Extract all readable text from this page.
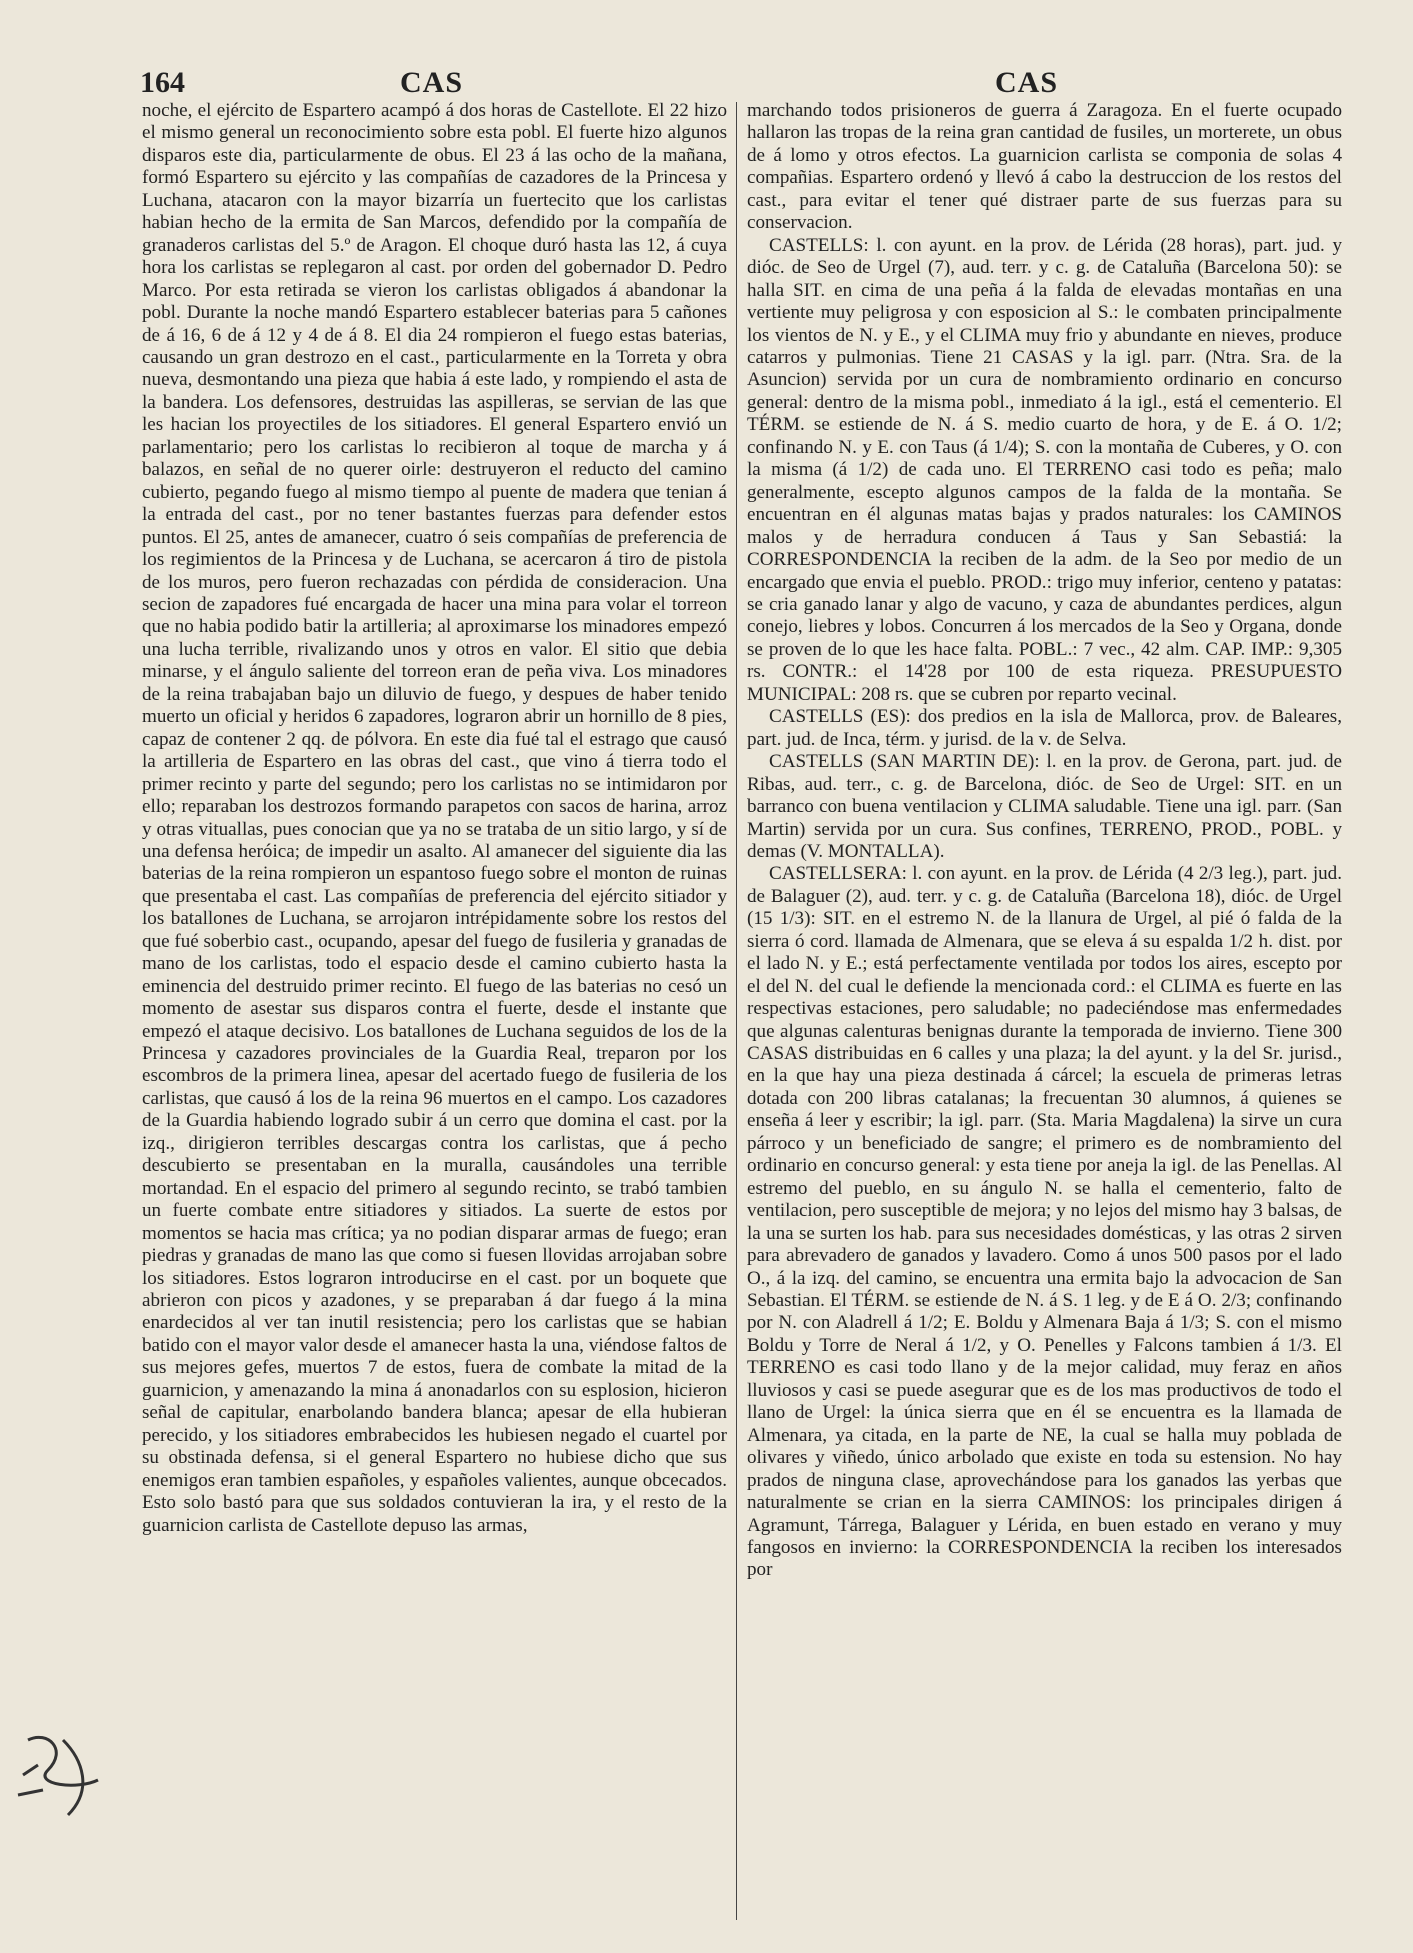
164	CAS	CAS

noche, el ejército de Espartero acampó á dos horas de Castellote. El 22 hizo el mismo general un reconocimiento sobre esta pobl. El fuerte hizo algunos disparos este dia, particularmente de obus. El 23 á las ocho de la mañana, formó Espartero su ejército y las compañías de cazadores de la Princesa y Luchana, atacaron con la mayor bizarría un fuertecito que los carlistas habian hecho de la ermita de San Marcos, defendido por la compañía de granaderos carlistas del 5.º de Aragon. El choque duró hasta las 12, á cuya hora los carlistas se replegaron al cast. por orden del gobernador D. Pedro Marco. Por esta retirada se vieron los carlistas obligados á abandonar la pobl. Durante la noche mandó Espartero establecer baterias para 5 cañones de á 16, 6 de á 12 y 4 de á 8. El dia 24 rompieron el fuego estas baterias, causando un gran destrozo en el cast., particularmente en la Torreta y obra nueva, desmontando una pieza que habia á este lado, y rompiendo el asta de la bandera. Los defensores, destruidas las aspilleras, se servian de las que les hacian los proyectiles de los sitiadores. El general Espartero envió un parlamentario; pero los carlistas lo recibieron al toque de marcha y á balazos, en señal de no querer oirle: destruyeron el reducto del camino cubierto, pegando fuego al mismo tiempo al puente de madera que tenian á la entrada del cast., por no tener bastantes fuerzas para defender estos puntos. El 25, antes de amanecer, cuatro ó seis compañías de preferencia de los regimientos de la Princesa y de Luchana, se acercaron á tiro de pistola de los muros, pero fueron rechazadas con pérdida de consideracion. Una secion de zapadores fué encargada de hacer una mina para volar el torreon que no habia podido batir la artilleria; al aproximarse los minadores empezó una lucha terrible, rivalizando unos y otros en valor. El sitio que debia minarse, y el ángulo saliente del torreon eran de peña viva. Los minadores de la reina trabajaban bajo un diluvio de fuego, y despues de haber tenido muerto un oficial y heridos 6 zapadores, lograron abrir un hornillo de 8 pies, capaz de contener 2 qq. de pólvora. En este dia fué tal el estrago que causó la artilleria de Espartero en las obras del cast., que vino á tierra todo el primer recinto y parte del segundo; pero los carlistas no se intimidaron por ello; reparaban los destrozos formando parapetos con sacos de harina, arroz y otras vituallas, pues conocian que ya no se trataba de un sitio largo, y sí de una defensa heróica; de impedir un asalto. Al amanecer del siguiente dia las baterias de la reina rompieron un espantoso fuego sobre el monton de ruinas que presentaba el cast. Las compañías de preferencia del ejército sitiador y los batallones de Luchana, se arrojaron intrépidamente sobre los restos del que fué soberbio cast., ocupando, apesar del fuego de fusileria y granadas de mano de los carlistas, todo el espacio desde el camino cubierto hasta la eminencia del destruido primer recinto. El fuego de las baterias no cesó un momento de asestar sus disparos contra el fuerte, desde el instante que empezó el ataque decisivo. Los batallones de Luchana seguidos de los de la Princesa y cazadores provinciales de la Guardia Real, treparon por los escombros de la primera linea, apesar del acertado fuego de fusileria de los carlistas, que causó á los de la reina 96 muertos en el campo. Los cazadores de la Guardia habiendo logrado subir á un cerro que domina el cast. por la izq., dirigieron terribles descargas contra los carlistas, que á pecho descubierto se presentaban en la muralla, causándoles una terrible mortandad. En el espacio del primero al segundo recinto, se trabó tambien un fuerte combate entre sitiadores y sitiados. La suerte de estos por momentos se hacia mas crítica; ya no podian disparar armas de fuego; eran piedras y granadas de mano las que como si fuesen llovidas arrojaban sobre los sitiadores. Estos lograron introducirse en el cast. por un boquete que abrieron con picos y azadones, y se preparaban á dar fuego á la mina enardecidos al ver tan inutil resistencia; pero los carlistas que se habian batido con el mayor valor desde el amanecer hasta la una, viéndose faltos de sus mejores gefes, muertos 7 de estos, fuera de combate la mitad de la guarnicion, y amenazando la mina á anonadarlos con su esplosion, hicieron señal de capitular, enarbolando bandera blanca; apesar de ella hubieran perecido, y los sitiadores embrabecidos les hubiesen negado el cuartel por su obstinada defensa, si el general Espartero no hubiese dicho que sus enemigos eran tambien españoles, y españoles valientes, aunque obcecados. Esto solo bastó para que sus soldados contuvieran la ira, y el resto de la guarnicion carlista de Castellote depuso las armas,

marchando todos prisioneros de guerra á Zaragoza. En el fuerte ocupado hallaron las tropas de la reina gran cantidad de fusiles, un morterete, un obus de á lomo y otros efectos. La guarnicion carlista se componia de solas 4 compañias. Espartero ordenó y llevó á cabo la destruccion de los restos del cast., para evitar el tener qué distraer parte de sus fuerzas para su conservacion.

CASTELLS: l. con ayunt. en la prov. de Lérida (28 horas), part. jud. y dióc. de Seo de Urgel (7), aud. terr. y c. g. de Cataluña (Barcelona 50): se halla SIT. en cima de una peña á la falda de elevadas montañas en una vertiente muy peligrosa y con esposicion al S.: le combaten principalmente los vientos de N. y E., y el CLIMA muy frio y abundante en nieves, produce catarros y pulmonias. Tiene 21 CASAS y la igl. parr. (Ntra. Sra. de la Asuncion) servida por un cura de nombramiento ordinario en concurso general: dentro de la misma pobl., inmediato á la igl., está el cementerio. El TÉRM. se estiende de N. á S. medio cuarto de hora, y de E. á O. 1/2; confinando N. y E. con Taus (á 1/4); S. con la montaña de Cuberes, y O. con la misma (á 1/2) de cada uno. El TERRENO casi todo es peña; malo generalmente, escepto algunos campos de la falda de la montaña. Se encuentran en él algunas matas bajas y prados naturales: los CAMINOS malos y de herradura conducen á Taus y San Sebastiá: la CORRESPONDENCIA la reciben de la adm. de la Seo por medio de un encargado que envia el pueblo. PROD.: trigo muy inferior, centeno y patatas: se cria ganado lanar y algo de vacuno, y caza de abundantes perdices, algun conejo, liebres y lobos. Concurren á los mercados de la Seo y Organa, donde se proven de lo que les hace falta. POBL.: 7 vec., 42 alm. CAP. IMP.: 9,305 rs. CONTR.: el 14'28 por 100 de esta riqueza. PRESUPUESTO MUNICIPAL: 208 rs. que se cubren por reparto vecinal.

CASTELLS (ES): dos predios en la isla de Mallorca, prov. de Baleares, part. jud. de Inca, térm. y jurisd. de la v. de Selva.

CASTELLS (SAN MARTIN DE): l. en la prov. de Gerona, part. jud. de Ribas, aud. terr., c. g. de Barcelona, dióc. de Seo de Urgel: SIT. en un barranco con buena ventilacion y CLIMA saludable. Tiene una igl. parr. (San Martin) servida por un cura. Sus confines, TERRENO, PROD., POBL. y demas (V. MONTALLA).

CASTELLSERA: l. con ayunt. en la prov. de Lérida (4 2/3 leg.), part. jud. de Balaguer (2), aud. terr. y c. g. de Cataluña (Barcelona 18), dióc. de Urgel (15 1/3): SIT. en el estremo N. de la llanura de Urgel, al pié ó falda de la sierra ó cord. llamada de Almenara, que se eleva á su espalda 1/2 h. dist. por el lado N. y E.; está perfectamente ventilada por todos los aires, escepto por el del N. del cual le defiende la mencionada cord.: el CLIMA es fuerte en las respectivas estaciones, pero saludable; no padeciéndose mas enfermedades que algunas calenturas benignas durante la temporada de invierno. Tiene 300 CASAS distribuidas en 6 calles y una plaza; la del ayunt. y la del Sr. jurisd., en la que hay una pieza destinada á cárcel; la escuela de primeras letras dotada con 200 libras catalanas; la frecuentan 30 alumnos, á quienes se enseña á leer y escribir; la igl. parr. (Sta. Maria Magdalena) la sirve un cura párroco y un beneficiado de sangre; el primero es de nombramiento del ordinario en concurso general: y esta tiene por aneja la igl. de las Penellas. Al estremo del pueblo, en su ángulo N. se halla el cementerio, falto de ventilacion, pero susceptible de mejora; y no lejos del mismo hay 3 balsas, de la una se surten los hab. para sus necesidades domésticas, y las otras 2 sirven para abrevadero de ganados y lavadero. Como á unos 500 pasos por el lado O., á la izq. del camino, se encuentra una ermita bajo la advocacion de San Sebastian. El TÉRM. se estiende de N. á S. 1 leg. y de E á O. 2/3; confinando por N. con Aladrell á 1/2; E. Boldu y Almenara Baja á 1/3; S. con el mismo Boldu y Torre de Neral á 1/2, y O. Penelles y Falcons tambien á 1/3. El TERRENO es casi todo llano y de la mejor calidad, muy feraz en años lluviosos y casi se puede asegurar que es de los mas productivos de todo el llano de Urgel: la única sierra que en él se encuentra es la llamada de Almenara, ya citada, en la parte de NE, la cual se halla muy poblada de olivares y viñedo, único arbolado que existe en toda su estension. No hay prados de ninguna clase, aprovechándose para los ganados las yerbas que naturalmente se crian en la sierra CAMINOS: los principales dirigen á Agramunt, Tárrega, Balaguer y Lérida, en buen estado en verano y muy fangosos en invierno: la CORRESPONDENCIA la reciben los interesados por
